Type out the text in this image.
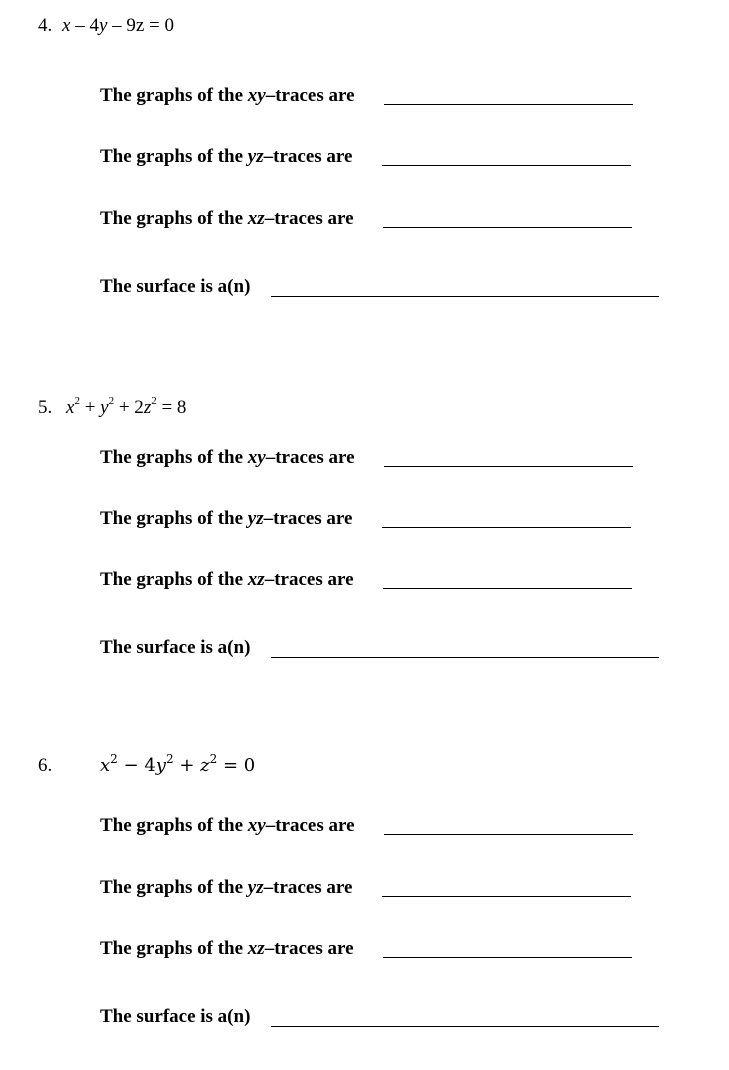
4. x – 4y – 9z = 0
The graphs of the xy–traces are
The graphs of the yz–traces are
The graphs of the xz–traces are
The surface is a(n)
5. $x^2 + y^2 + 2z^2 = 8$
The graphs of the xy–traces are
The graphs of the yz–traces are
The graphs of the xz–traces are
The surface is a(n)
6.	$x^2 - 4y^2 + z^2 = 0$
The graphs of the xy–traces are
The graphs of the yz–traces are
The graphs of the xz–traces are
The surface is a(n)
